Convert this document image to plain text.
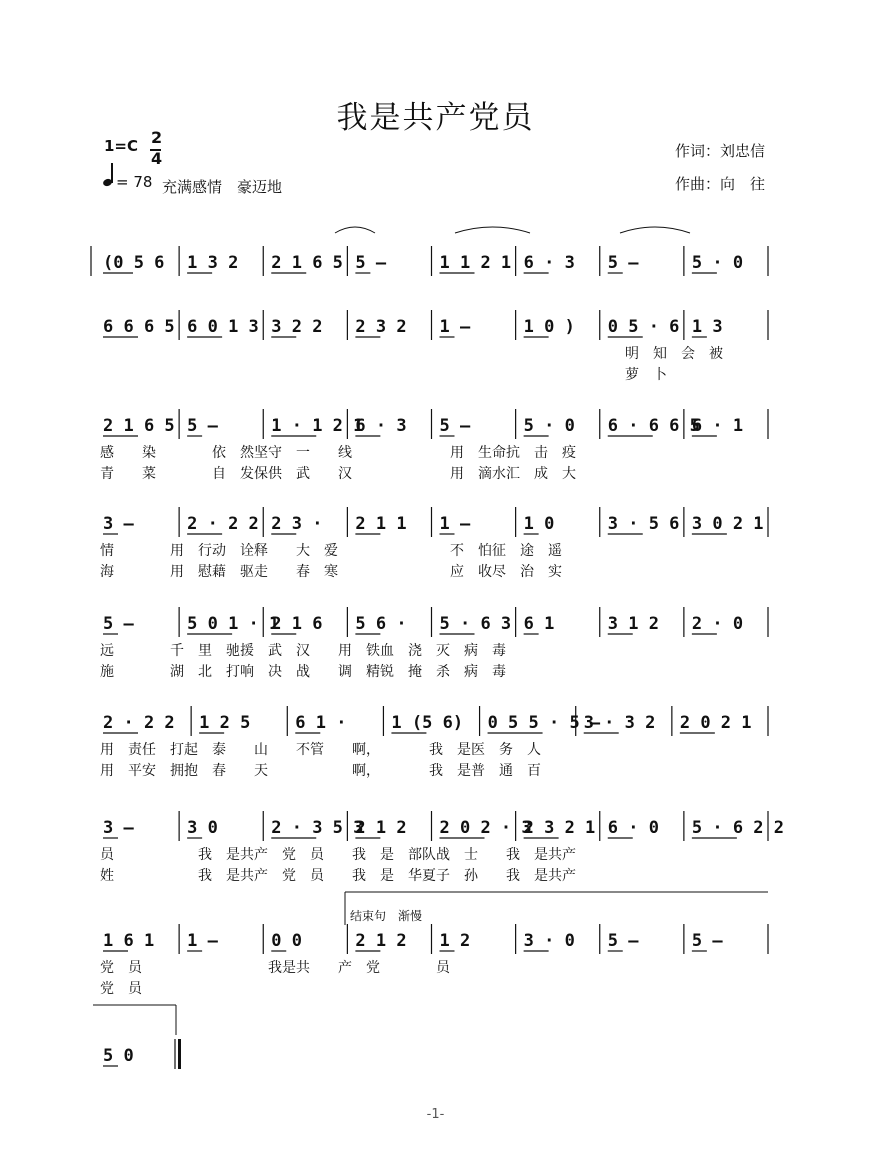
我是共产党员
1=C 2
4
= 78 充满感情　豪迈地
作词：刘忠信
作曲：向　往
(0 5 6 1 3 2 2 1 6 5 5 –	1 1 2 1 6 · 3 5 –	5 · 0
6 6 6 5 6 0 1 3 3 2 2 2 3 2 1 –	1 0 ) 0 5 · 6 1 3
明　知　会　被
萝　卜
2 1 6 5 5 –	1 · 1 2 1
6 · 3 5 –	5 · 0 6 · 6 6 5
6 · 1
感　　染　　　　依　然坚守　一　　线　　　　　　　用　生命抗　击　疫
青　　菜　　　　自　发保供　武　　汉　　　　　　　用　滴水汇　成　大
3 –	2 · 2 2 2 3 · 2 1 1 1 –	1 0	3 · 5 6 3 0 2 1
情　　　　用　行动　诠释　　大　爱　　　　　　　　不　怕征　途　遥
海　　　　用　慰藉　驱走　　春　寒　　　　　　　　应　收尽　治　实
5 –	5 0 1 · 1
2 1 6 5 6 · 5 · 6 3 6 1	3 1 2 2 · 0
远　　　　千　里　驰援　武　汉　　用　铁血　浇　灭　病　毒
施　　　　湖　北　打响　决　战　　调　精锐　掩　杀　病　毒
2 · 2 2 1 2 5	6 1 ·	1 (5 6) 0 5 5 · 5 –
3 · 3 2 2 0 2 1
用　责任　打起　泰　　山　　不管　　啊，　　　　我　是医　务　人
用　平安　拥抱　春　　天　　　　　　啊，　　　　我　是普　通　百
3 –	3 0	2 · 3 5 3
2 1 2 2 0 2 · 3
2 3 2 1 6 · 0 5 · 6 2 2
员　　　　　　我　是共产　党　员　　我　是　部队战　士　　我　是共产
姓　　　　　　我　是共产　党　员　　我　是　华夏子　孙　　我　是共产
1 6 1 1 –	0 0	2 1 2 1 2	3 · 0 5 –	5 –
党　员　　　　　　　　　我是共　　产　党　　　　员
党　员
结束句　渐慢
5 0
-1-
